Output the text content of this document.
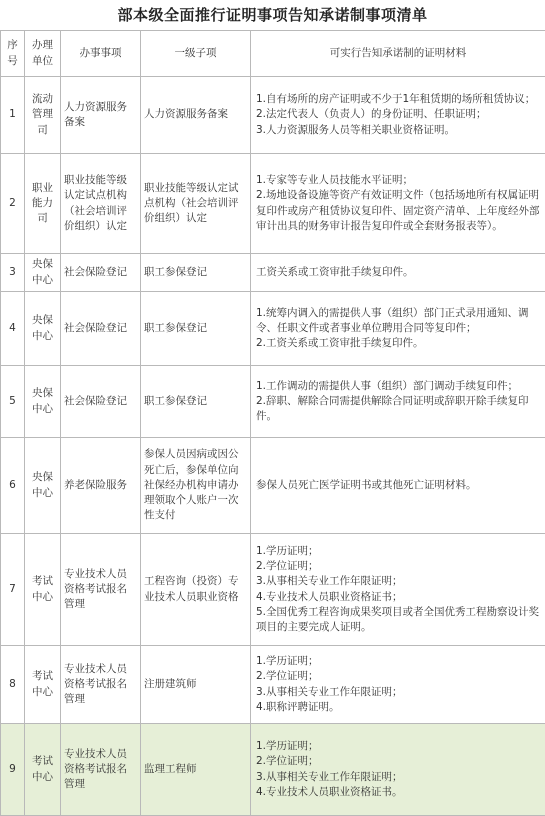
部本级全面推行证明事项告知承诺制事项清单
序号	办理单位	办事事项	一级子项	可实行告知承诺制的证明材料
1	流动管理司	人力资源服务备案	人力资源服务备案	1.自有场所的房产证明或不少于1年租赁期的场所租赁协议；
2.法定代表人（负责人）的身份证明、任职证明；
3.人力资源服务人员等相关职业资格证明。

2	职业能力司	职业技能等级认定试点机构（社会培训评价组织）认定	职业技能等级认定试点机构（社会培训评价组织）认定	1.专家等专业人员技能水平证明；
2.场地设备设施等资产有效证明文件（包括场地所有权属证明复印件或房产租赁协议复印件、固定资产清单、上年度经外部审计出具的财务审计报告复印件或全套财务报表等）。

3	央保中心	社会保险登记	职工参保登记	工资关系或工资审批手续复印件。

4	央保中心	社会保险登记	职工参保登记	1.统筹内调入的需提供人事（组织）部门正式录用通知、调令、任职文件或者事业单位聘用合同等复印件；
2.工资关系或工资审批手续复印件。

5	央保中心	社会保险登记	职工参保登记	1.工作调动的需提供人事（组织）部门调动手续复印件；
2.辞职、解除合同需提供解除合同证明或辞职开除手续复印件。

6	央保中心	养老保险服务	参保人员因病或因公死亡后，参保单位向社保经办机构申请办理领取个人账户一次性支付	参保人员死亡医学证明书或其他死亡证明材料。

7	考试中心	专业技术人员资格考试报名管理	工程咨询（投资）专业技术人员职业资格	1.学历证明；
2.学位证明；
3.从事相关专业工作年限证明；
4.专业技术人员职业资格证书；
5.全国优秀工程咨询成果奖项目或者全国优秀工程勘察设计奖项目的主要完成人证明。

8	考试中心	专业技术人员资格考试报名管理	注册建筑师	1.学历证明；
2.学位证明；
3.从事相关专业工作年限证明；
4.职称评聘证明。

9	考试中心	专业技术人员资格考试报名管理	监理工程师	1.学历证明；
2.学位证明；
3.从事相关专业工作年限证明；
4.专业技术人员职业资格证书。
